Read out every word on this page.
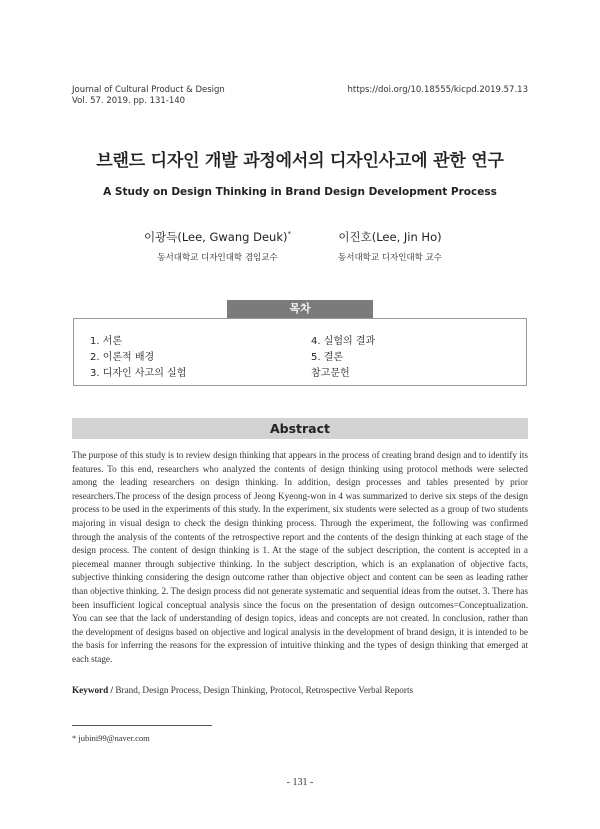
Journal of Cultural Product & Design
Vol. 57. 2019. pp. 131-140
https://doi.org/10.18555/kicpd.2019.57.13
브랜드 디자인 개발 과정에서의 디자인사고에 관한 연구
A Study on Design Thinking in Brand Design Development Process
이광득(Lee, Gwang Deuk)*
동서대학교 디자인대학 겸임교수
이진호(Lee, Jin Ho)
동서대학교 디자인대학 교수
목차
1. 서론
2. 이론적 배경
3. 디자인 사고의 실험
4. 실험의 결과
5. 결론
참고문헌
Abstract

The purpose of this study is to review design thinking that appears in the process of creating brand design and to identify its features. To this end, researchers who analyzed the contents of design thinking using protocol methods were selected among the leading researchers on design thinking. In addition, design processes and tables presented by prior researchers.The process of the design process of Jeong Kyeong-won in 4 was summarized to derive six steps of the design process to be used in the experiments of this study. In the experiment, six students were selected as a group of two students majoring in visual design to check the design thinking process. Through the experiment, the following was confirmed through the analysis of the contents of the retrospective report and the contents of the design thinking at each stage of the design process. The content of design thinking is 1. At the stage of the subject description, the content is accepted in a piecemeal manner through subjective thinking. In the subject description, which is an explanation of objective facts, subjective thinking considering the design outcome rather than objective object and content can be seen as leading rather than objective thinking. 2. The design process did not generate systematic and sequential ideas from the outset. 3. There has been insufficient logical conceptual analysis since the focus on the presentation of design outcomes=Conceptualization. You can see that the lack of understanding of design topics, ideas and concepts are not created. In conclusion, rather than the development of designs based on objective and logical analysis in the development of brand design, it is intended to be the basis for inferring the reasons for the expression of intuitive thinking and the types of design thinking that emerged at each stage.

Keyword / Brand, Design Process, Design Thinking, Protocol, Retrospective Verbal Reports
* jubini99@naver.com
- 131 -
